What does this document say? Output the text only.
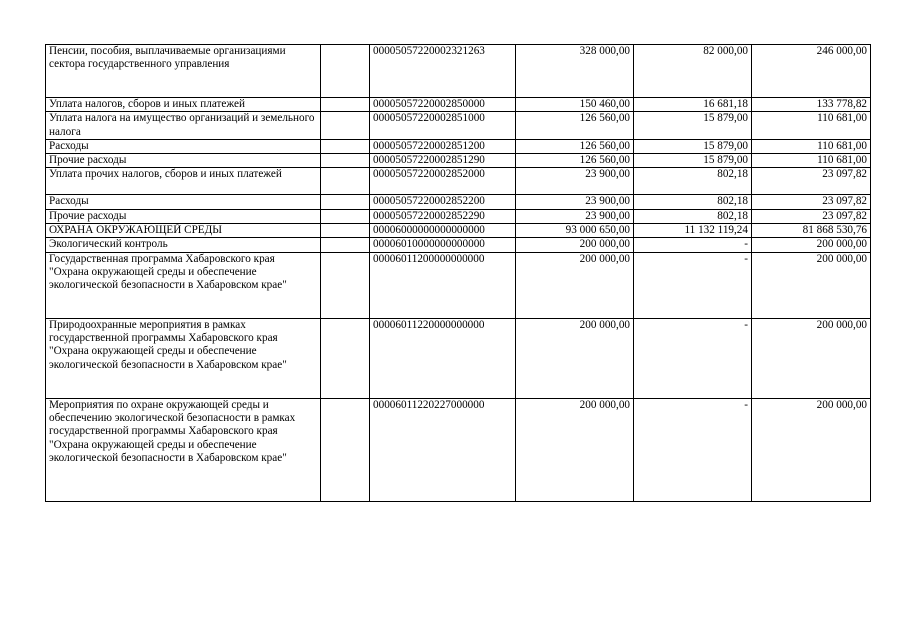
Пенсии, пособия, выплачиваемые организациями сектора государственного управления		00005057220002321263	328 000,00	82 000,00	246 000,00
Уплата налогов, сборов и иных платежей		00005057220002850000	150 460,00	16 681,18	133 778,82
Уплата налога на имущество организаций и земельного налога		00005057220002851000	126 560,00	15 879,00	110 681,00
Расходы		00005057220002851200	126 560,00	15 879,00	110 681,00
Прочие расходы		00005057220002851290	126 560,00	15 879,00	110 681,00
Уплата прочих налогов, сборов и иных платежей		00005057220002852000	23 900,00	802,18	23 097,82
Расходы		00005057220002852200	23 900,00	802,18	23 097,82
Прочие расходы		00005057220002852290	23 900,00	802,18	23 097,82
ОХРАНА ОКРУЖАЮЩЕЙ СРЕДЫ		00006000000000000000	93 000 650,00	11 132 119,24	81 868 530,76
Экологический контроль		00006010000000000000	200 000,00	-	200 000,00
Государственная программа Хабаровского края "Охрана окружающей среды и обеспечение экологической безопасности в Хабаровском крае"		00006011200000000000	200 000,00	-	200 000,00
Природоохранные мероприятия в рамках государственной программы Хабаровского края "Охрана окружающей среды и обеспечение экологической безопасности в Хабаровском крае"		00006011220000000000	200 000,00	-	200 000,00
Мероприятия по охране окружающей среды и обеспечению экологической безопасности в рамках государственной программы Хабаровского края "Охрана окружающей среды и обеспечение экологической безопасности в Хабаровском крае"		00006011220227000000	200 000,00	-	200 000,00
